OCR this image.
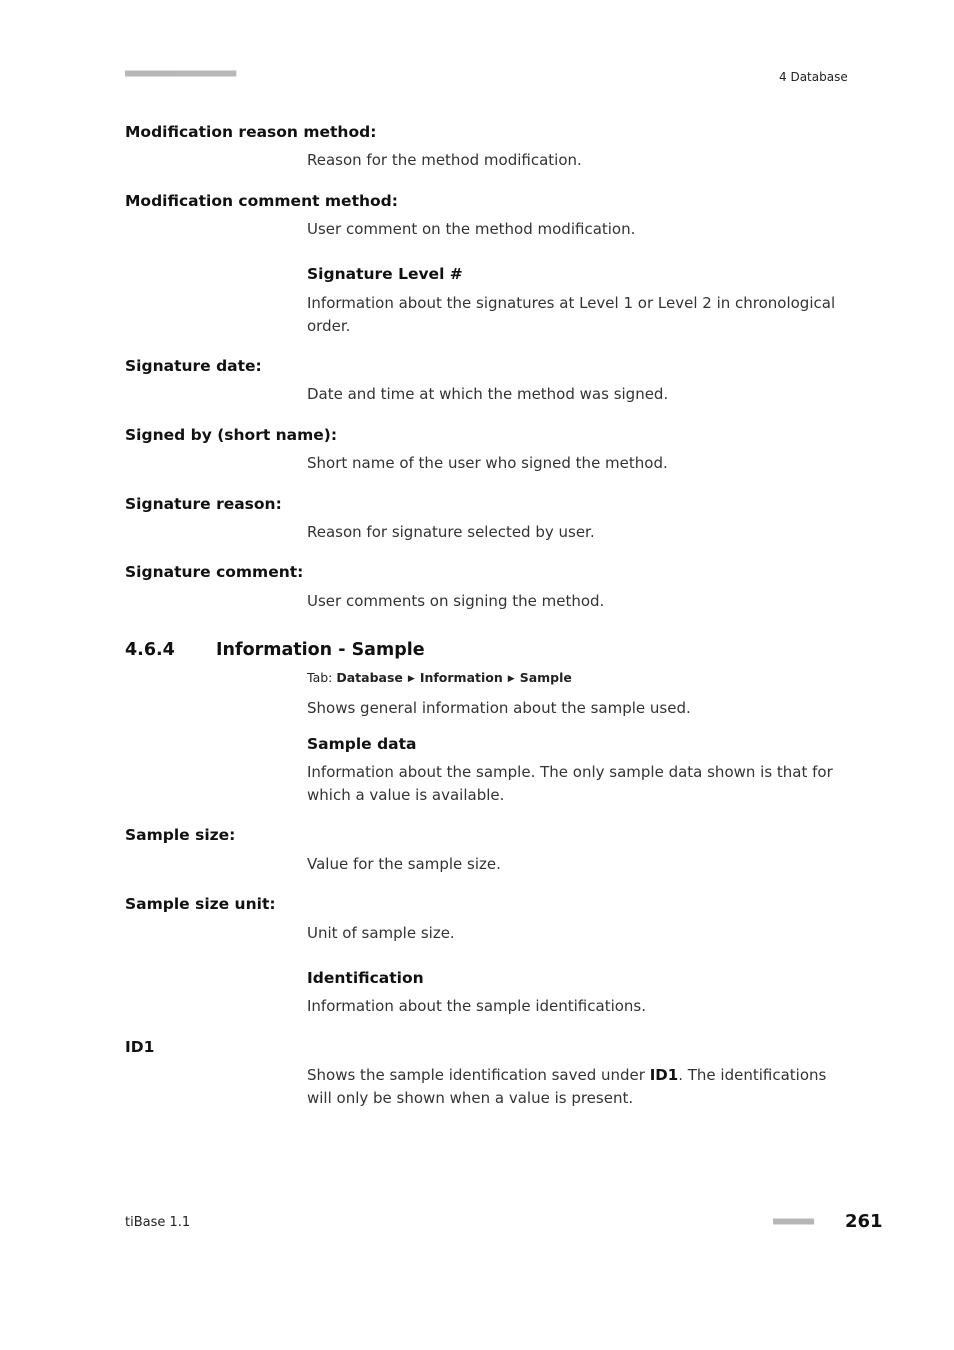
■■■■■■■■■■■■■■■■■■■■■■	4 Database
Modification reason method:
Reason for the method modification.
Modification comment method:
User comment on the method modification.
Signature Level #
Information about the signatures at Level 1 or Level 2 in chronological order.
Signature date:
Date and time at which the method was signed.
Signed by (short name):
Short name of the user who signed the method.
Signature reason:
Reason for signature selected by user.
Signature comment:
User comments on signing the method.
4.6.4 Information - Sample
Tab: Database ▶ Information ▶ Sample
Shows general information about the sample used.
Sample data
Information about the sample. The only sample data shown is that for which a value is available.
Sample size:
Value for the sample size.
Sample size unit:
Unit of sample size.
Identification
Information about the sample identifications.
ID1
Shows the sample identification saved under ID1. The identifications will only be shown when a value is present.
tiBase 1.1	■■■■■■■■ 261
